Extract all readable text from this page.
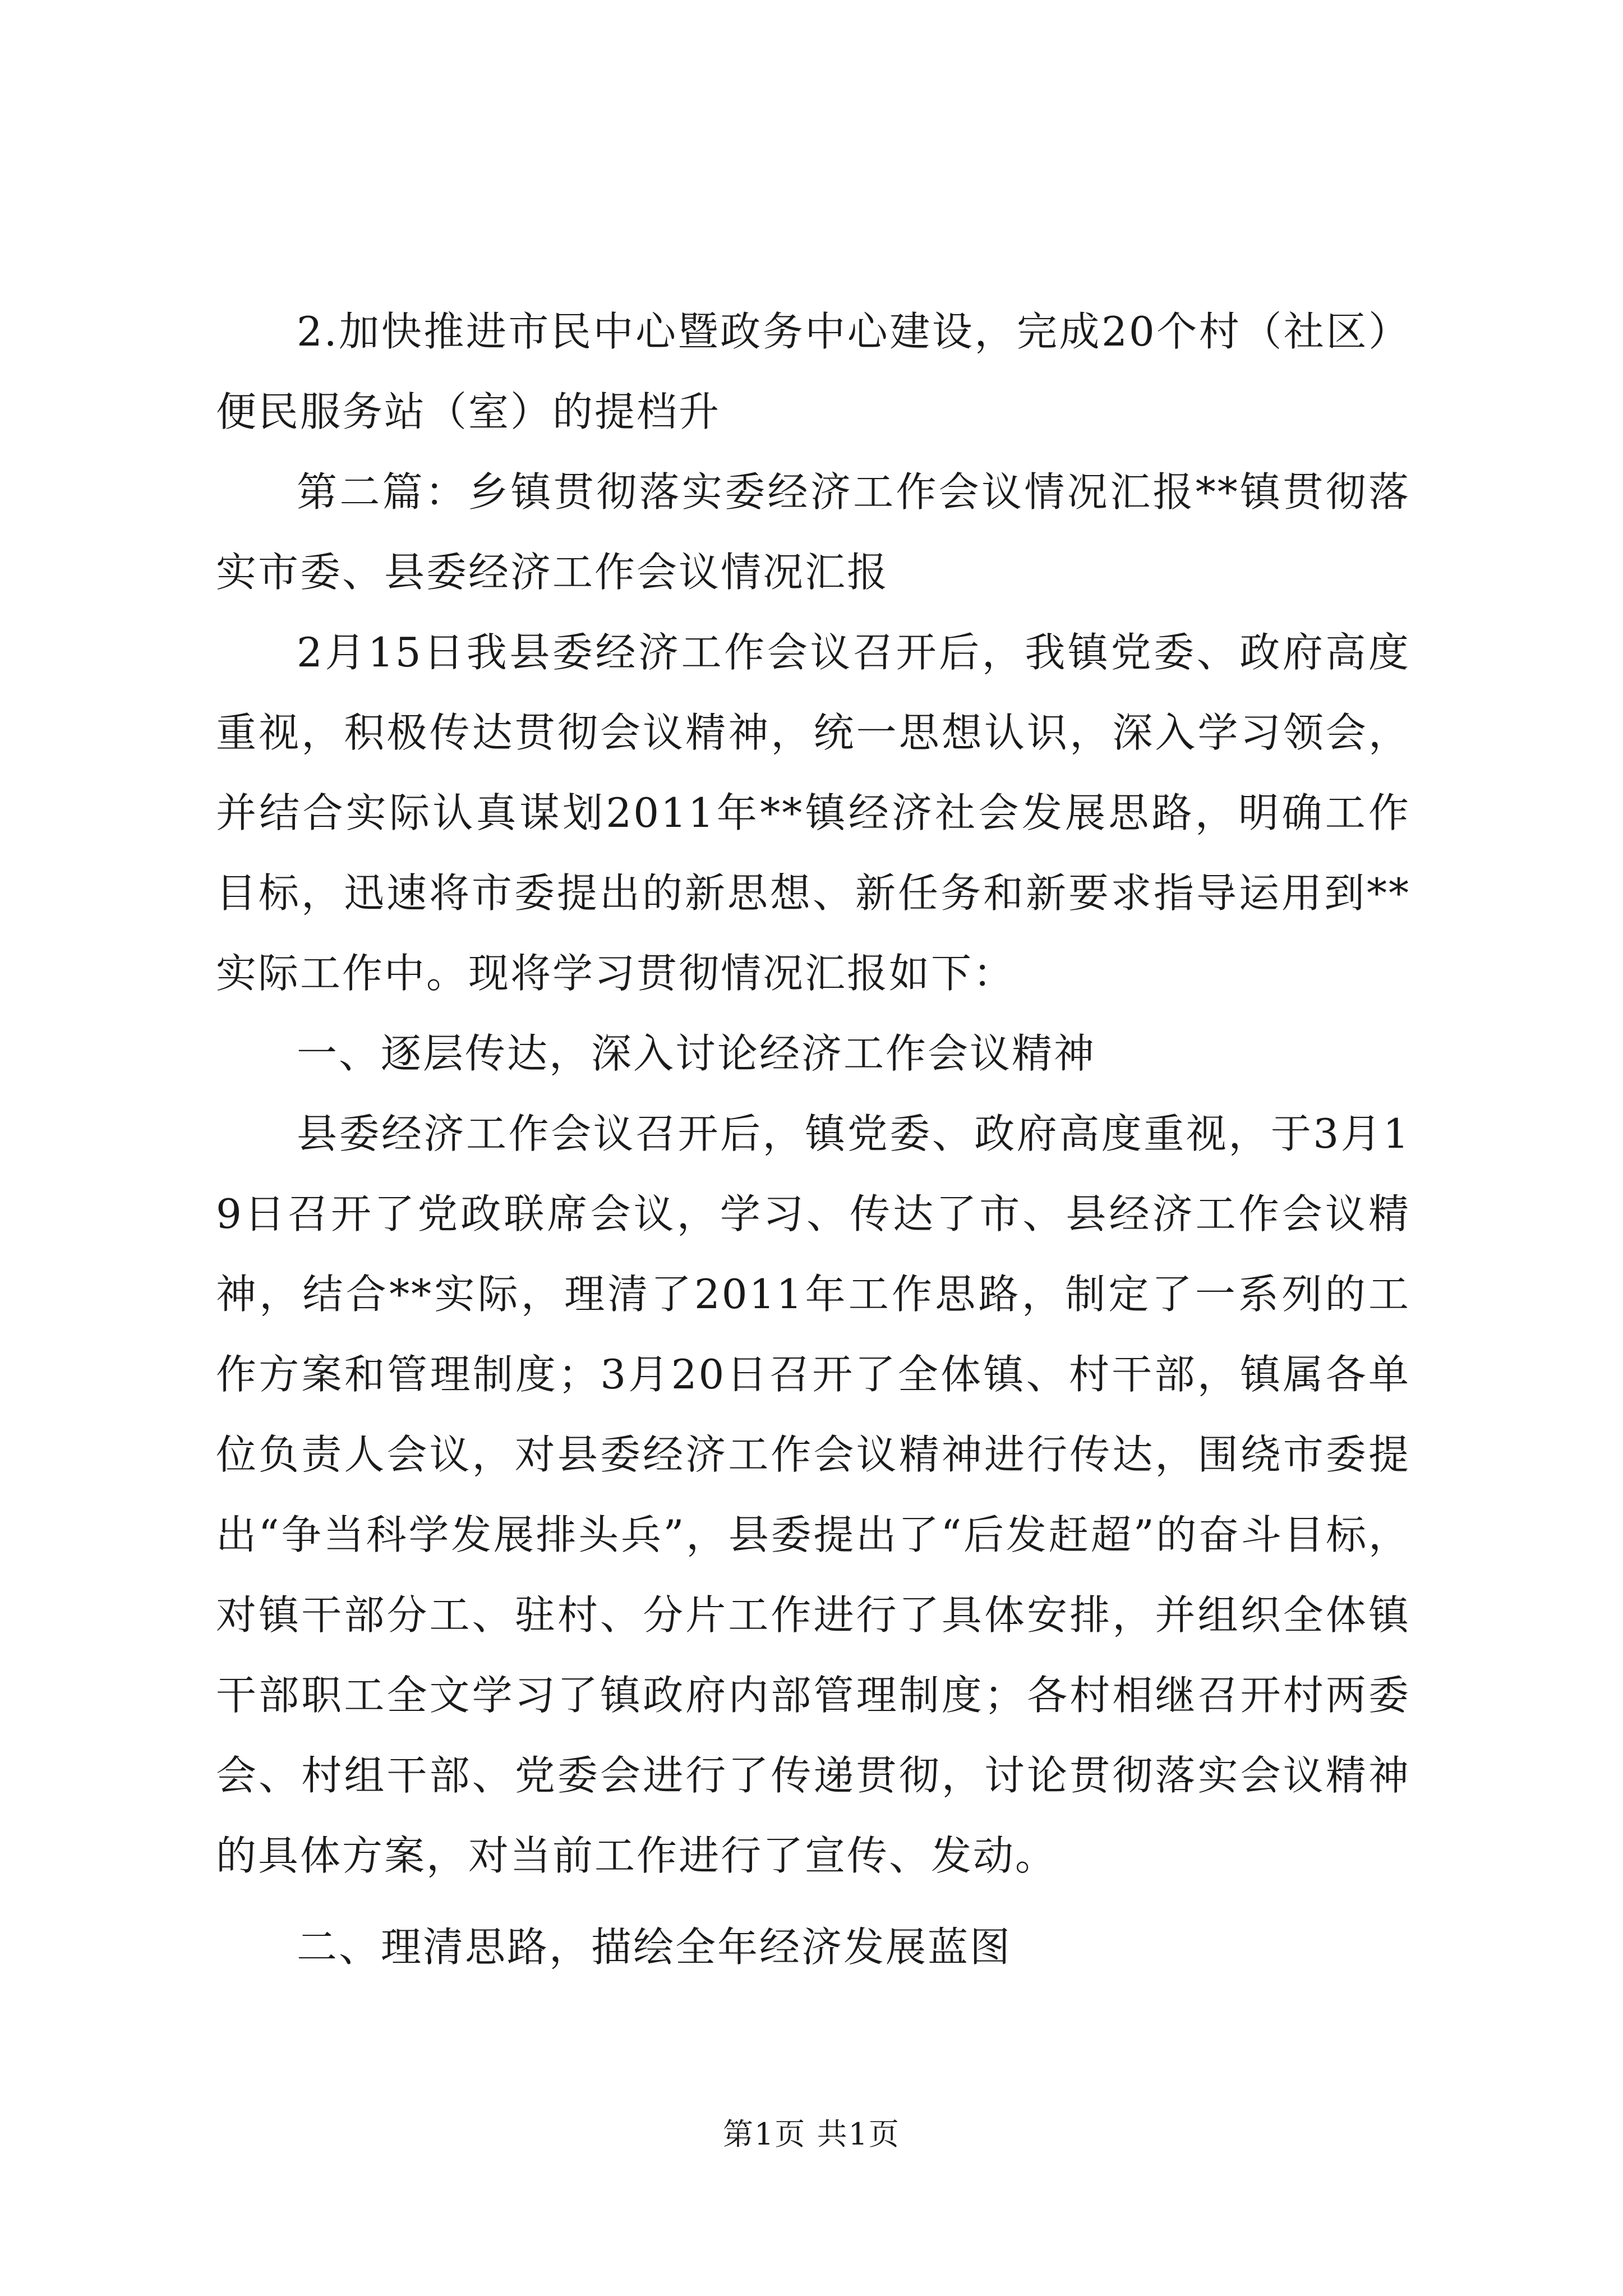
2.加快推进市民中心暨政务中心建设，完成20个村（社区）便民服务站（室）的提档升

第二篇：乡镇贯彻落实委经济工作会议情况汇报**镇贯彻落实市委、县委经济工作会议情况汇报

2月15日我县委经济工作会议召开后，我镇党委、政府高度重视，积极传达贯彻会议精神，统一思想认识，深入学习领会，并结合实际认真谋划2011年**镇经济社会发展思路，明确工作目标，迅速将市委提出的新思想、新任务和新要求指导运用到**实际工作中。现将学习贯彻情况汇报如下：

一、逐层传达，深入讨论经济工作会议精神

县委经济工作会议召开后，镇党委、政府高度重视，于3月19日召开了党政联席会议，学习、传达了市、县经济工作会议精神，结合**实际，理清了2011年工作思路，制定了一系列的工作方案和管理制度；3月20日召开了全体镇、村干部，镇属各单位负责人会议，对县委经济工作会议精神进行传达，围绕市委提出“争当科学发展排头兵”，县委提出了“后发赶超”的奋斗目标，对镇干部分工、驻村、分片工作进行了具体安排，并组织全体镇干部职工全文学习了镇政府内部管理制度；各村相继召开村两委会、村组干部、党委会进行了传递贯彻，讨论贯彻落实会议精神的具体方案，对当前工作进行了宣传、发动。

二、理清思路，描绘全年经济发展蓝图

第1页 共1页
